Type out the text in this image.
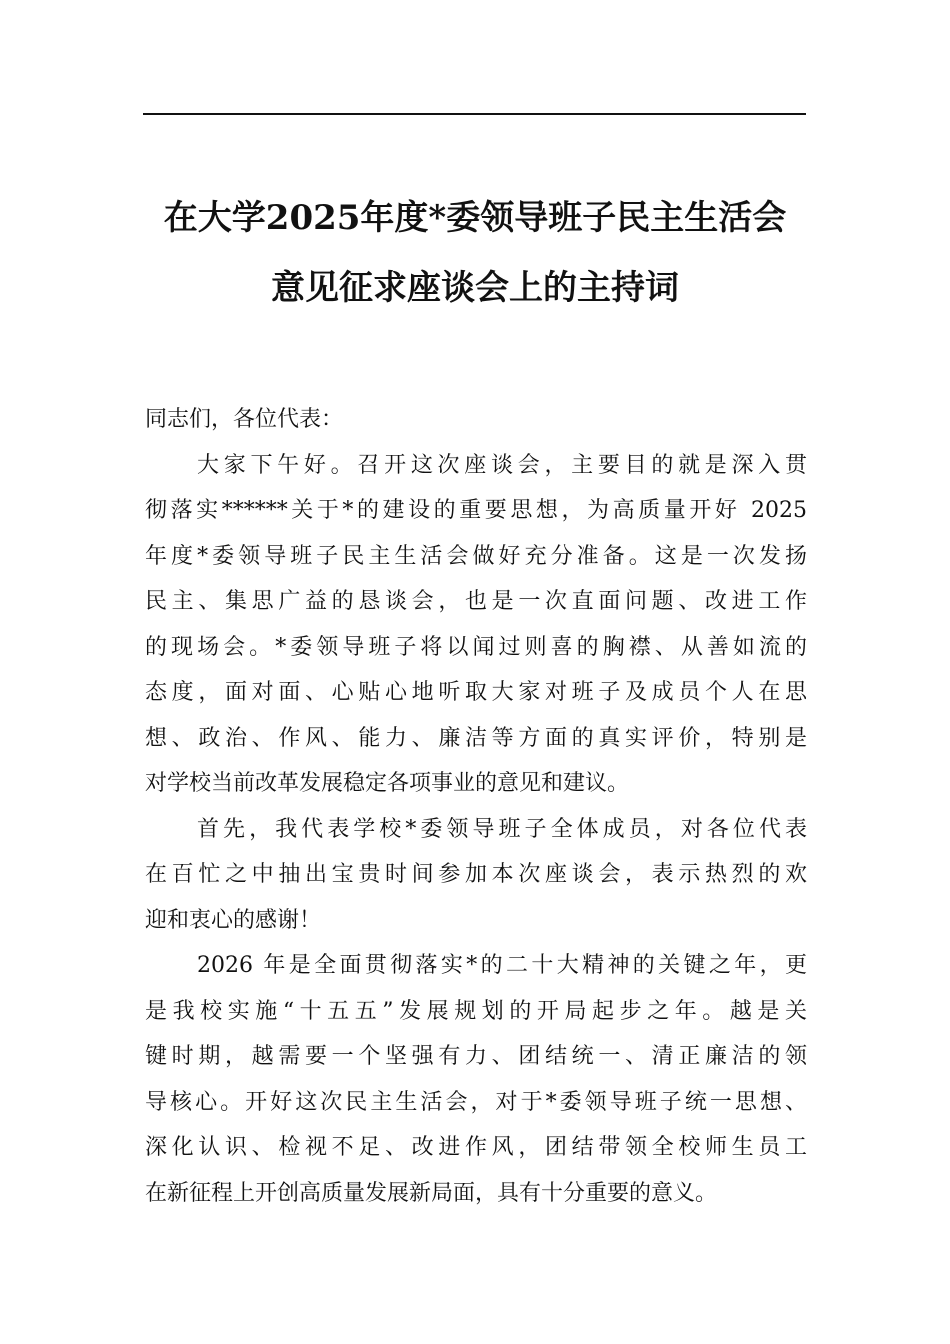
在大学2025年度*委领导班子民主生活会
意见征求座谈会上的主持词
同志们，各位代表：
大家下午好。召开这次座谈会，主要目的就是深入贯
彻落实******关于*的建设的重要思想，为高质量开好 2025
年度*委领导班子民主生活会做好充分准备。这是一次发扬
民主、集思广益的恳谈会，也是一次直面问题、改进工作
的现场会。*委领导班子将以闻过则喜的胸襟、从善如流的
态度，面对面、心贴心地听取大家对班子及成员个人在思
想、政治、作风、能力、廉洁等方面的真实评价，特别是
对学校当前改革发展稳定各项事业的意见和建议。
首先，我代表学校*委领导班子全体成员，对各位代表
在百忙之中抽出宝贵时间参加本次座谈会，表示热烈的欢
迎和衷心的感谢！
2026 年是全面贯彻落实*的二十大精神的关键之年，更
是我校实施“十五五”发展规划的开局起步之年。越是关
键时期，越需要一个坚强有力、团结统一、清正廉洁的领
导核心。开好这次民主生活会，对于*委领导班子统一思想、
深化认识、检视不足、改进作风，团结带领全校师生员工
在新征程上开创高质量发展新局面，具有十分重要的意义。
